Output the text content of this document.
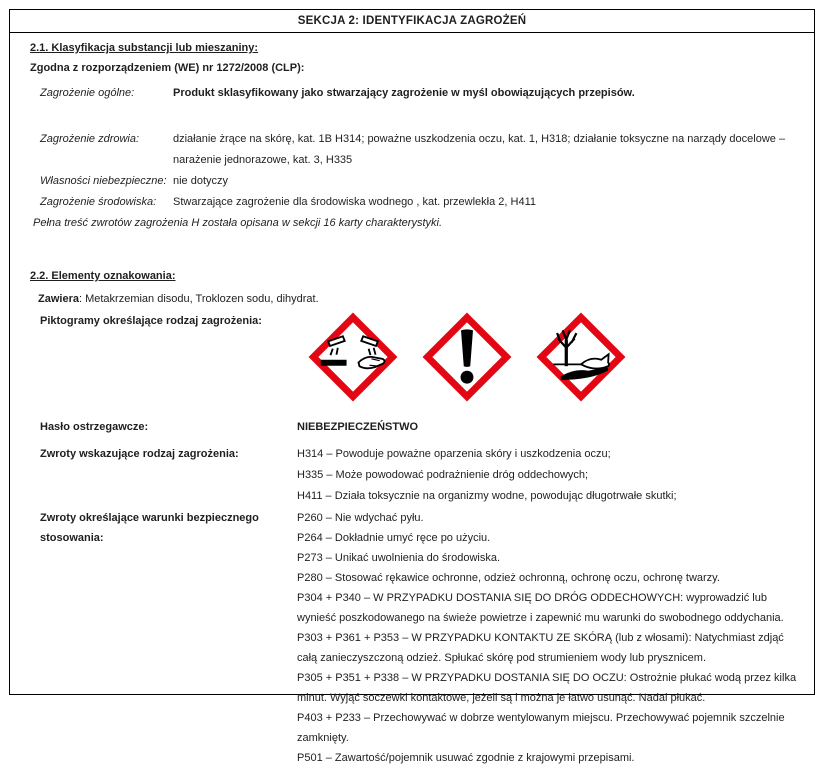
SEKCJA 2: IDENTYFIKACJA ZAGROŻEŃ
2.1. Klasyfikacja substancji lub mieszaniny:
Zgodna z rozporządzeniem (WE) nr 1272/2008 (CLP):
Zagrożenie ogólne:	Produkt sklasyfikowany jako stwarzający zagrożenie w myśl obowiązujących przepisów.
Zagrożenie zdrowia:	działanie żrące na skórę, kat. 1B H314; poważne uszkodzenia oczu, kat. 1, H318; działanie toksyczne na narządy docelowe – narażenie jednorazowe, kat. 3, H335
Własności niebezpieczne: nie dotyczy
Zagrożenie środowiska:	Stwarzające zagrożenie dla środowiska wodnego , kat. przewlekła 2, H411
Pełna treść zwrotów zagrożenia H została opisana w sekcji 16 karty charakterystyki.
2.2. Elementy oznakowania:
Zawiera: Metakrzemian disodu, Troklozen sodu, dihydrat.
Piktogramy określające rodzaj zagrożenia:
Hasło ostrzegawcze:	NIEBEZPIECZEŃSTWO
Zwroty wskazujące rodzaj zagrożenia:	H314 – Powoduje poważne oparzenia skóry i uszkodzenia oczu;
H335 – Może powodować podrażnienie dróg oddechowych;
H411 – Działa toksycznie na organizmy wodne, powodując długotrwałe skutki;
Zwroty określające warunki bezpiecznego stosowania:
P260 – Nie wdychać pyłu.
P264 – Dokładnie umyć ręce po użyciu.
P273 – Unikać uwolnienia do środowiska.
P280 – Stosować rękawice ochronne, odzież ochronną, ochronę oczu, ochronę twarzy.
P304 + P340 – W PRZYPADKU DOSTANIA SIĘ DO DRÓG ODDECHOWYCH: wyprowadzić lub wynieść poszkodowanego na świeże powietrze i zapewnić mu warunki do swobodnego oddychania.
P303 + P361 + P353 – W PRZYPADKU KONTAKTU ZE SKÓRĄ (lub z włosami): Natychmiast zdjąć całą zanieczyszczoną odzież. Spłukać skórę pod strumieniem wody lub prysznicem.
P305 + P351 + P338 – W PRZYPADKU DOSTANIA SIĘ DO OCZU: Ostrożnie płukać wodą przez kilka minut. Wyjąć soczewki kontaktowe, jeżeli są i można je łatwo usunąć. Nadal płukać.
P403 + P233 – Przechowywać w dobrze wentylowanym miejscu. Przechowywać pojemnik szczelnie zamknięty.
P501 – Zawartość/pojemnik usuwać zgodnie z krajowymi przepisami.
